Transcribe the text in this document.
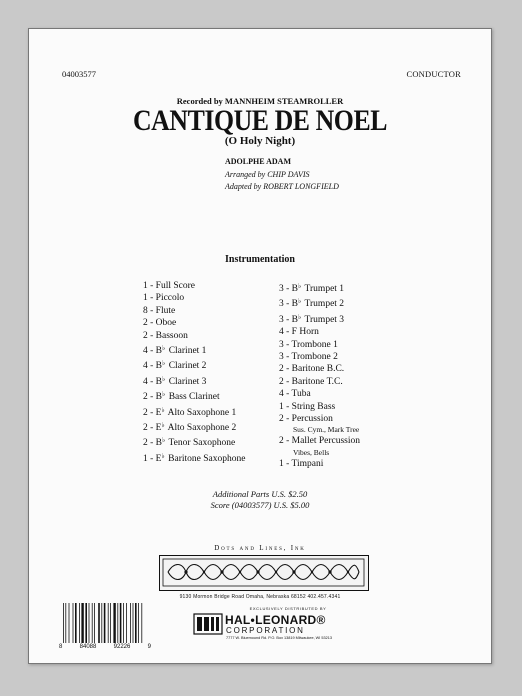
04003577	CONDUCTOR
Recorded by MANNHEIM STEAMROLLER
CANTIQUE DE NOEL
(O Holy Night)
ADOLPHE ADAM
Arranged by CHIP DAVIS
Adapted by ROBERT LONGFIELD
Instrumentation
1 - Full Score
1 - Piccolo
8 - Flute
2 - Oboe
2 - Bassoon
4 - B♭ Clarinet 1
4 - B♭ Clarinet 2
4 - B♭ Clarinet 3
2 - B♭ Bass Clarinet
2 - E♭ Alto Saxophone 1
2 - E♭ Alto Saxophone 2
2 - B♭ Tenor Saxophone
1 - E♭ Baritone Saxophone
3 - B♭ Trumpet 1
3 - B♭ Trumpet 2
3 - B♭ Trumpet 3
4 - F Horn
3 - Trombone 1
3 - Trombone 2
2 - Baritone B.C.
2 - Baritone T.C.
4 - Tuba
1 - String Bass
2 - Percussion
Sus. Cym., Mark Tree
2 - Mallet Percussion
Vibes, Bells
1 - Timpani
Additional Parts U.S. $2.50
Score (04003577) U.S. $5.00
Dots and Lines, Ink
9130 Mormon Bridge Road Omaha, Nebraska 68152 402.457.4341
8	84088	92226	9
EXCLUSIVELY DISTRIBUTED BY
HAL•LEONARD®
CORPORATION
7777 W. Bluemound Rd. P.O. Box 13819 Milwaukee, WI 53213
